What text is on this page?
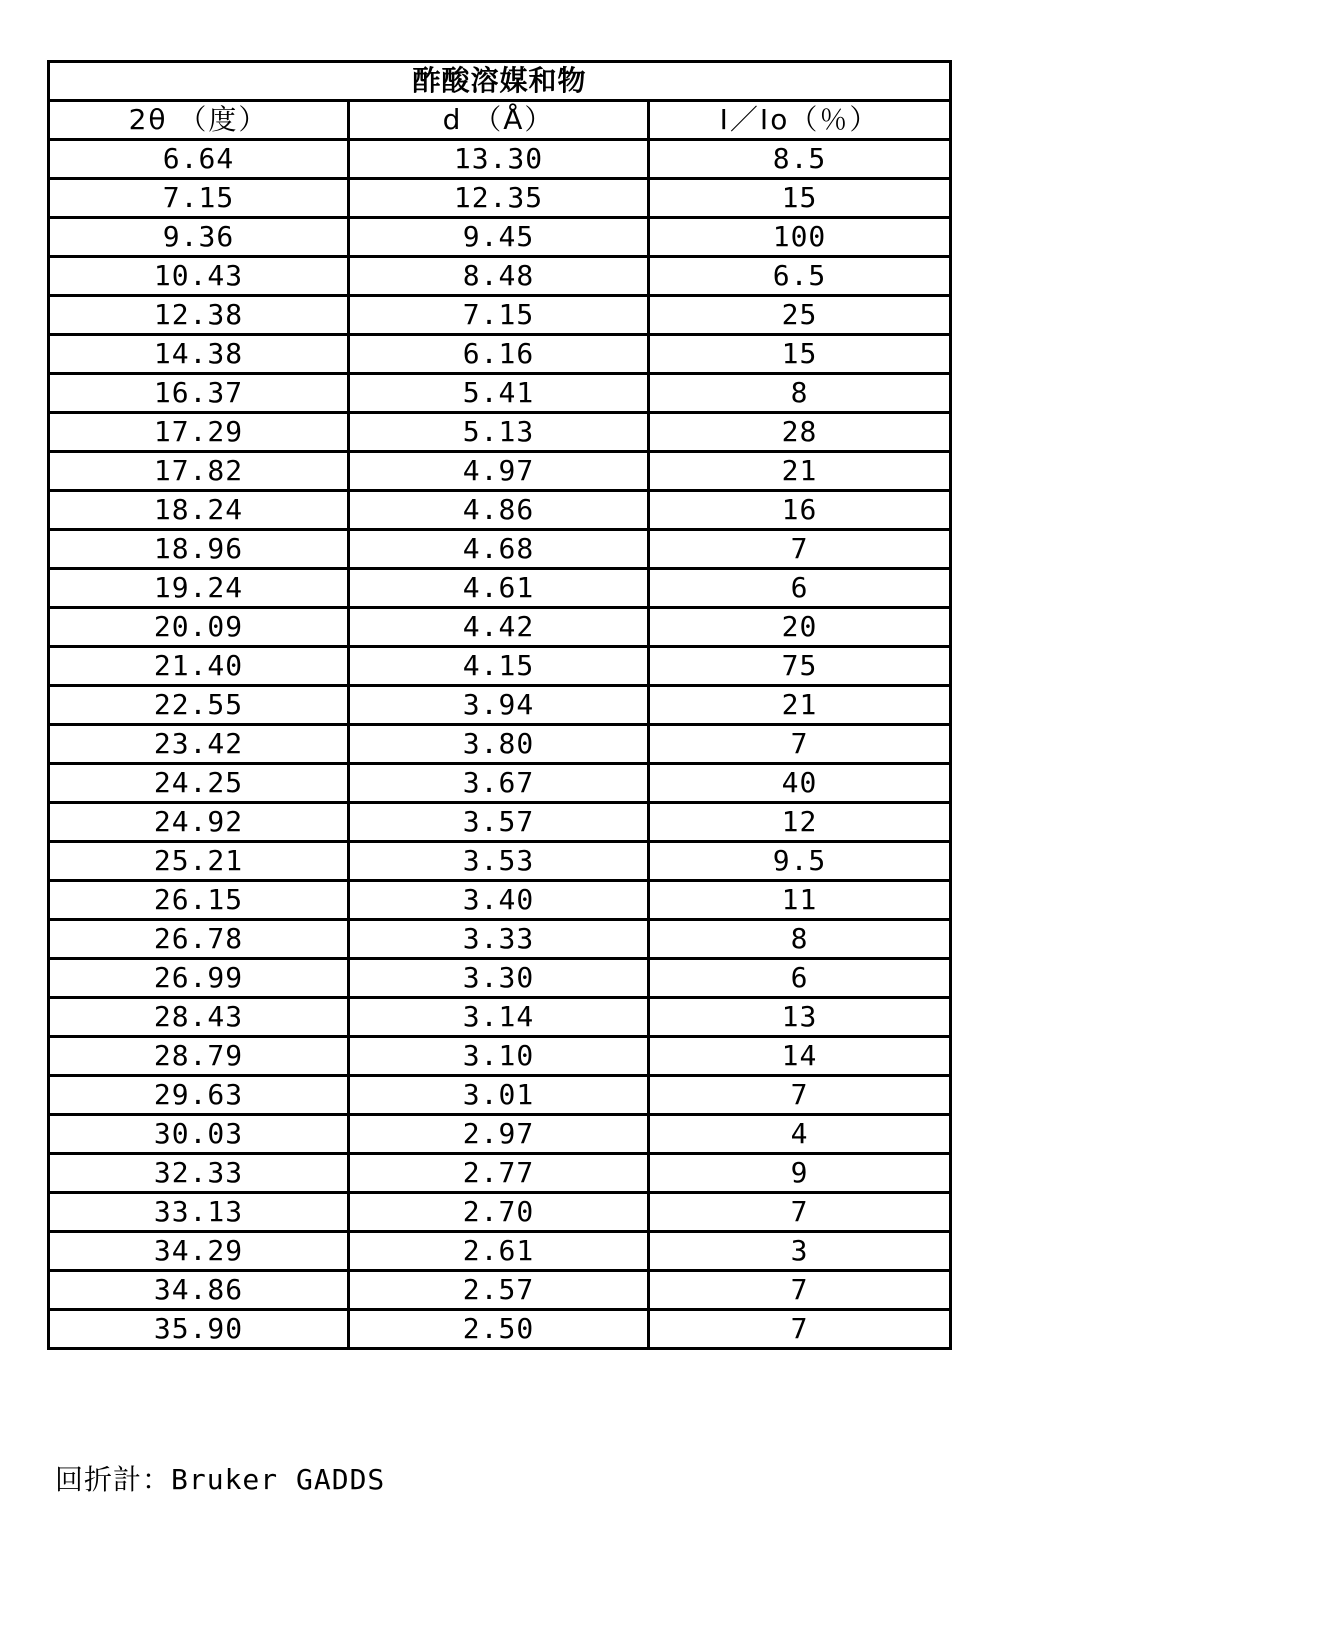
酢酸溶媒和物		
2θ （度）	d （Å）	Ⅰ／Ⅰo（％）
6.64	13.30	8.5
7.15	12.35	15
9.36	9.45	100
10.43	8.48	6.5
12.38	7.15	25
14.38	6.16	15
16.37	5.41	8
17.29	5.13	28
17.82	4.97	21
18.24	4.86	16
18.96	4.68	7
19.24	4.61	6
20.09	4.42	20
21.40	4.15	75
22.55	3.94	21
23.42	3.80	7
24.25	3.67	40
24.92	3.57	12
25.21	3.53	9.5
26.15	3.40	11
26.78	3.33	8
26.99	3.30	6
28.43	3.14	13
28.79	3.10	14
29.63	3.01	7
30.03	2.97	4
32.33	2.77	9
33.13	2.70	7
34.29	2.61	3
34.86	2.57	7
35.90	2.50	7
回折計：Bruker GADDS
